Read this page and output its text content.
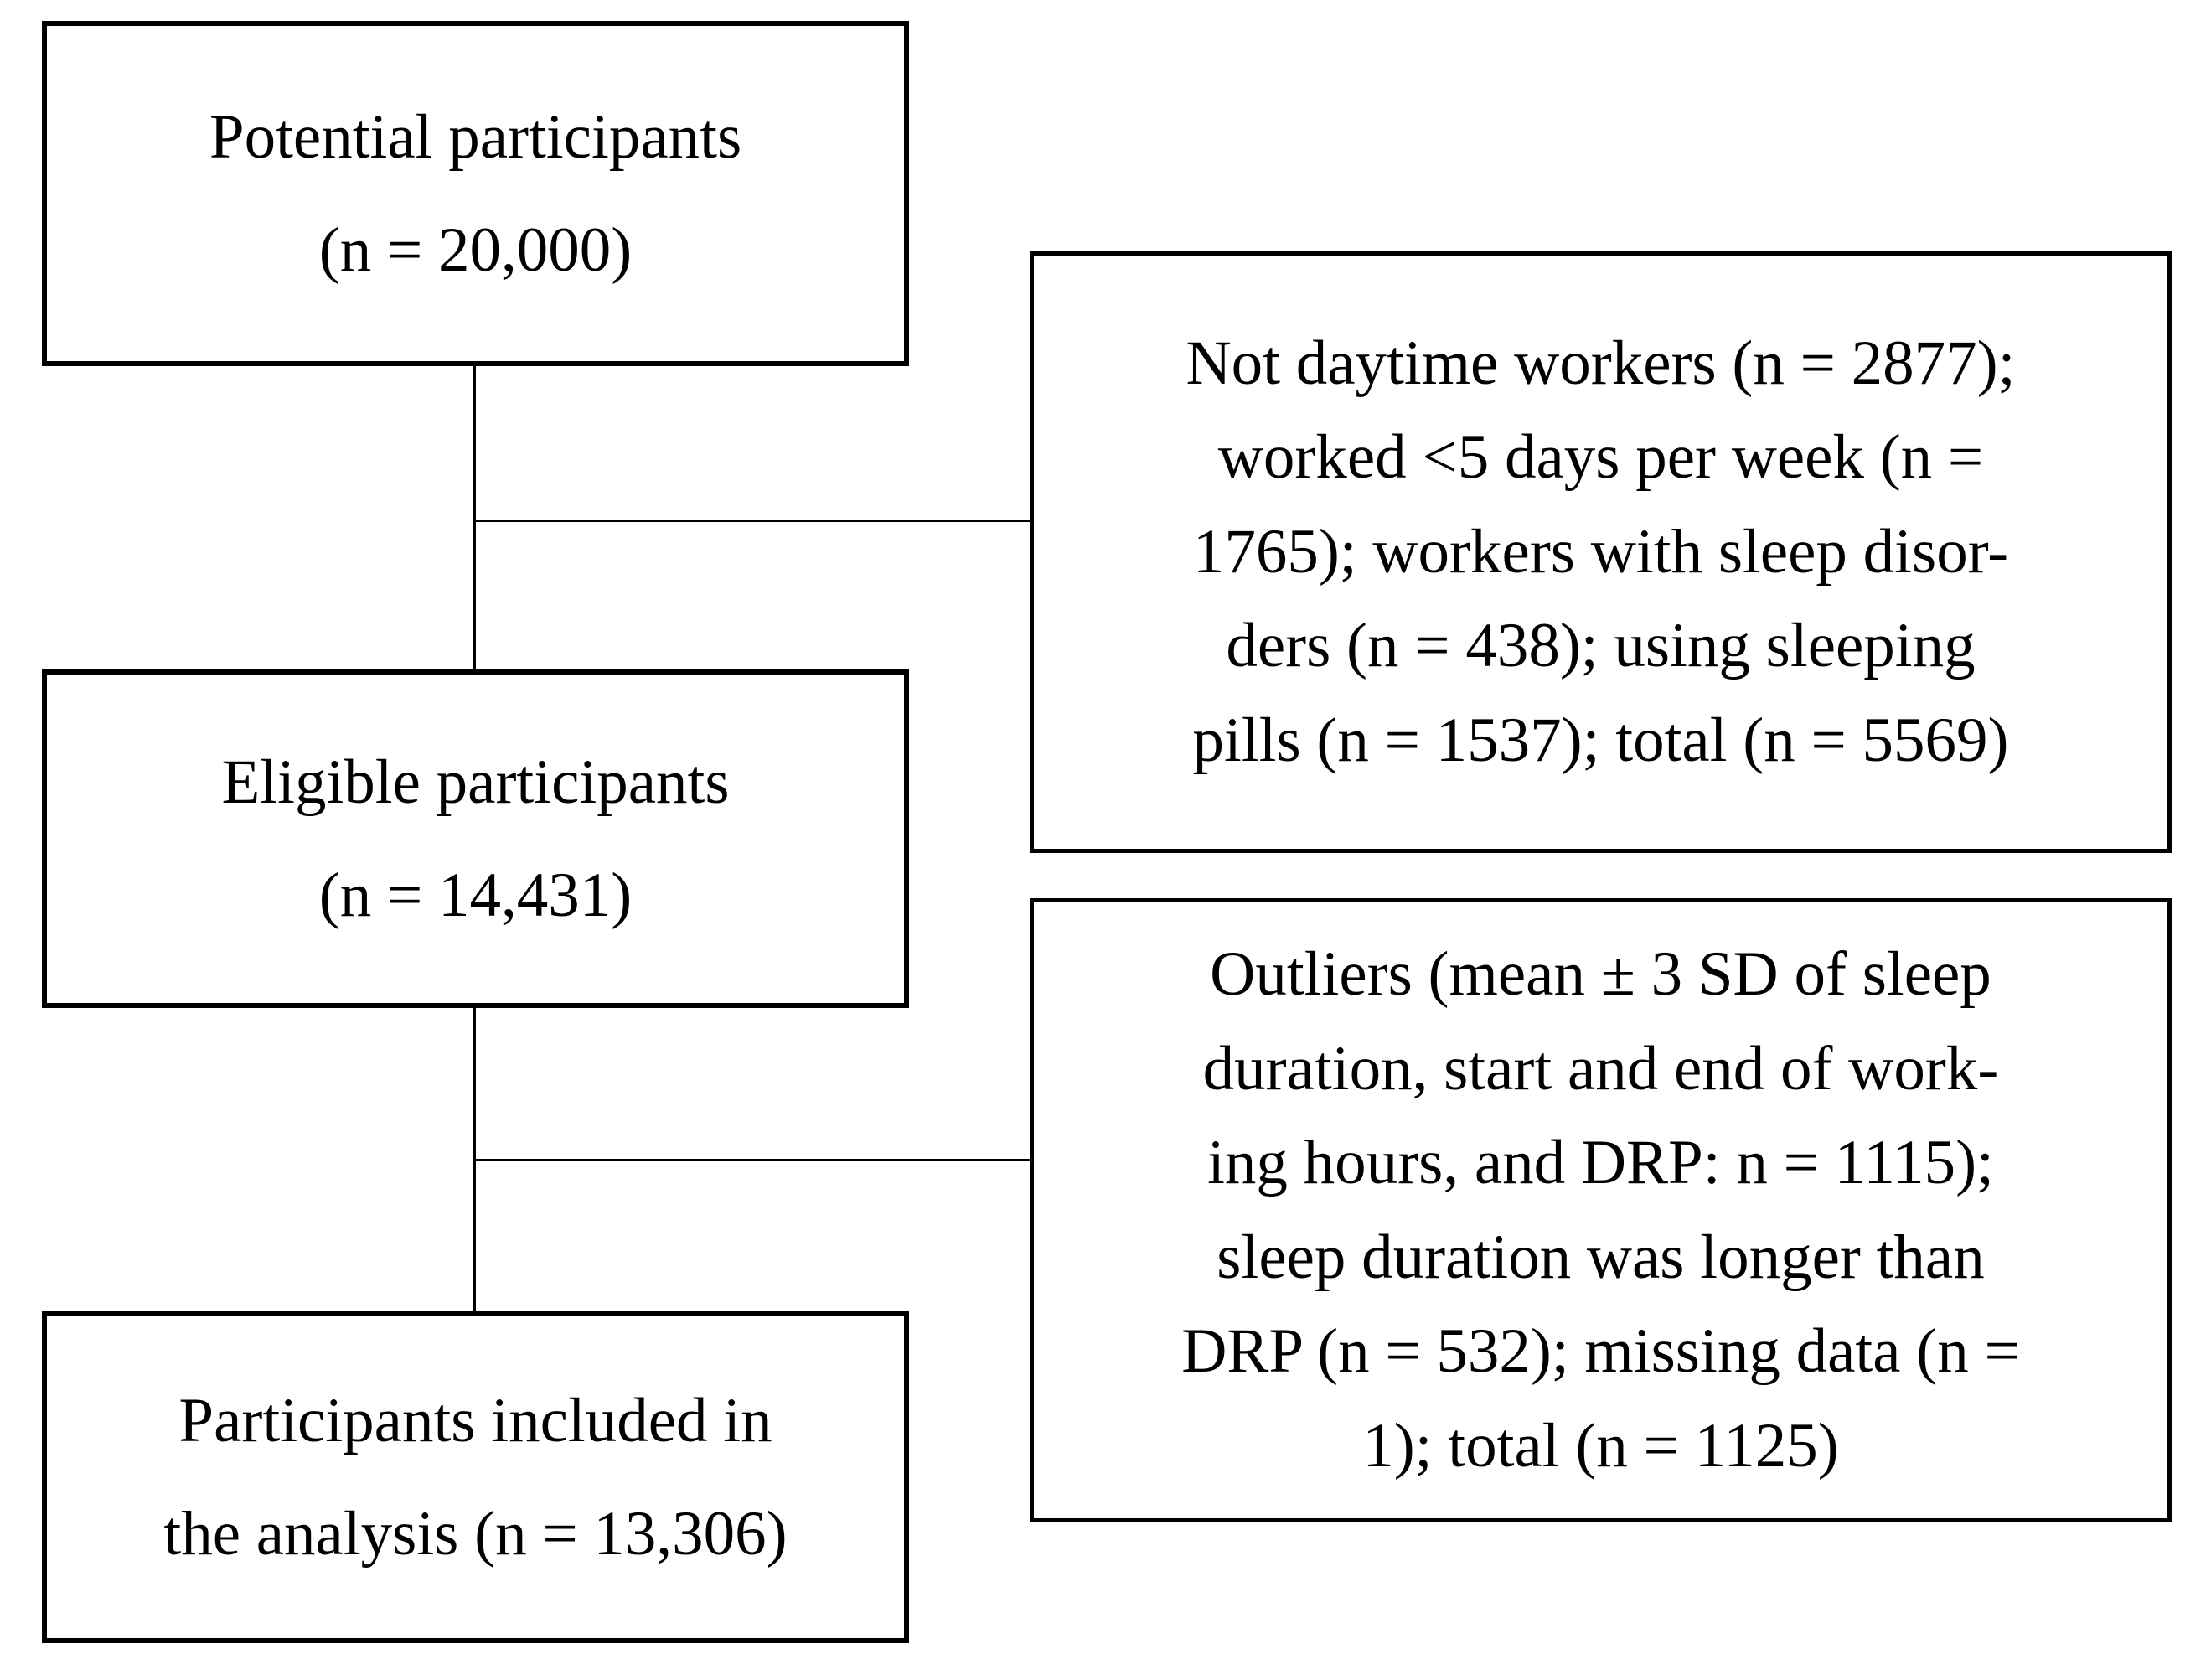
Potential participants
(n = 20,000)
Eligible participants
(n = 14,431)
Participants included in
the analysis (n = 13,306)
Not daytime workers (n = 2877);
worked <5 days per week (n =
1765); workers with sleep disor-
ders (n = 438); using sleeping
pills (n = 1537); total (n = 5569)
Outliers (mean ± 3 SD of sleep
duration, start and end of work-
ing hours, and DRP: n = 1115);
sleep duration was longer than
DRP (n = 532); missing data (n =
1); total (n = 1125)
